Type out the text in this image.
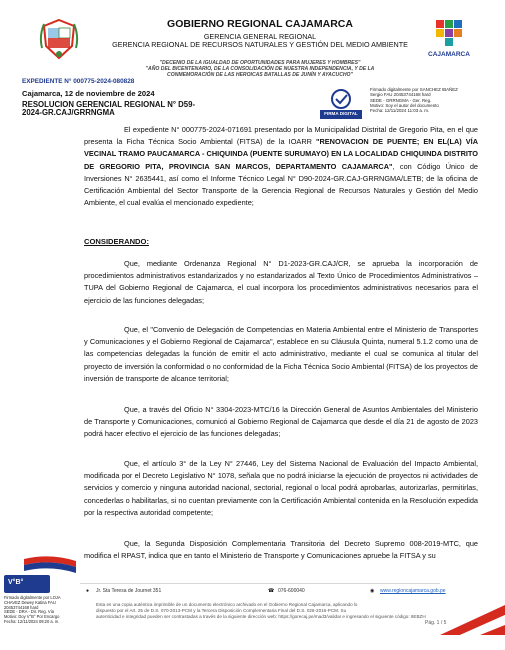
GOBIERNO REGIONAL CAJAMARCA
GERENCIA GENERAL REGIONAL
GERENCIA REGIONAL DE RECURSOS NATURALES Y GESTIÓN DEL MEDIO AMBIENTE
CAJAMARCA
"DECENIO DE LA IGUALDAD DE OPORTUNIDADES PARA MUJERES Y HOMBRES"
"AÑO DEL BICENTENARIO, DE LA CONSOLIDACIÓN DE NUESTRA INDEPENDENCIA, Y DE LA
CONMEMORACIÓN DE LAS HEROICAS BATALLAS DE JUNÍN Y AYACUCHO"
EXPEDIENTE N° 000775-2024-080828
Cajamarca, 12 de noviembre de 2024
RESOLUCION GERENCIAL REGIONAL N° D59-2024-GR.CAJ/GRRNGMA	FIRMA DIGITAL
Firmado digitalmente por SANCHEZ IBAÑEZ
Sergio FAU 20453744168 hard
SEDE - GRRNGMA - Ger. Reg.
Motivo: Soy el autor del documento
Fecha: 12/11/2024 11:03 a. m.

El expediente N° 000775-2024-071691 presentado por la Municipalidad Distrital de Gregorio Pita, en el que presenta la Ficha Técnica Socio Ambiental (FITSA) de la IOARR "RENOVACION DE PUENTE; EN EL(LA) VÍA VECINAL TRAMO PAUCAMARCA - CHIQUINDA (PUENTE SURUMAYO) EN LA LOCALIDAD CHIQUINDA DISTRITO DE GREGORIO PITA, PROVINCIA SAN MARCOS, DEPARTAMENTO CAJAMARCA", con Código Único de Inversiones N° 2635441, así como el Informe Técnico Legal N° D90-2024-GR.CAJ-GRRNGMA/LETB; de la oficina de Certificación Ambiental del Sector Transporte de la Gerencia Regional de Recursos Naturales y Gestión del Medio Ambiente, el cual evalúa el mencionado expediente;

CONSIDERANDO:

Que, mediante Ordenanza Regional N° D1-2023-GR.CAJ/CR, se aprueba la incorporación de procedimientos administrativos estandarizados y no estandarizados al Texto Único de Procedimientos Administrativos – TUPA del Gobierno Regional de Cajamarca, el cual incorpora los procedimientos administrativos necesarios para el ejercicio de las funciones delegadas;

Que, el "Convenio de Delegación de Competencias en Materia Ambiental entre el Ministerio de Transportes y Comunicaciones y el Gobierno Regional de Cajamarca", establece en su Cláusula Quinta, numeral 5.1.2 como una de las competencias delegadas la función de emitir el acto administrativo, mediante el cual se comunica al titular del proyecto de inversión la conformidad o no conformidad de la Ficha Técnica Socio Ambiental (FITSA) de los proyectos de inversión de transporte de alcance territorial;

Que, a través del Oficio N° 3304-2023-MTC/16 la Dirección General de Asuntos Ambientales del Ministerio de Transporte y Comunicaciones, comunicó al Gobierno Regional de Cajamarca que desde el día 21 de agosto de 2023 podrá hacer efectivo el ejercicio de las funciones delegadas;

Que, el artículo 3° de la Ley N° 27446, Ley del Sistema Nacional de Evaluación del Impacto Ambiental, modificada por el Decreto Legislativo N° 1078, señala que no podrá iniciarse la ejecución de proyectos ni actividades de servicios y comercio y ninguna autoridad nacional, sectorial, regional o local podrá aprobarlas, autorizarlas, permitirlas, concederlas o habilitarlas, si no cuentan previamente con la Certificación Ambiental contenida en la Resolución expedida por la respectiva autoridad competente;

Que, la Segunda Disposición Complementaria Transitoria del Decreto Supremo 008-2019-MTC, que modifica el RPAST, indica que en tanto el Ministerio de Transporte y Comunicaciones apruebe la FITSA y su

V°B°
Firmado digitalmente por LOJA
CHAVEZ Dewey Katina FAU
20453744168 hard
SEDE - DRA - Dir. Reg. Vía
Motivo: Doy V°B° Por Encargo
Fecha: 12/11/2024 09:20 a. m.
● Jr. Sta Teresa de Journet 351	☎ 076-600040	◉ www.regioncajamarca.gob.pe
Esta es una copia auténtica imprimible de un documento electrónico archivado en el Gobierno Regional Cajamarca, aplicando lo
dispuesto por el Art. 25 de D.S. 070-2013-PCM y la Tercera Disposición Complementaria Final del D.S. 026-2016-PCM. Su
autenticidad e integridad pueden ser contrastadas a través de la siguiente dirección web: https://gorecaj.pe/mad3/validar e ingresando el siguiente código: 6EBZH
Pág. 1 / 5
